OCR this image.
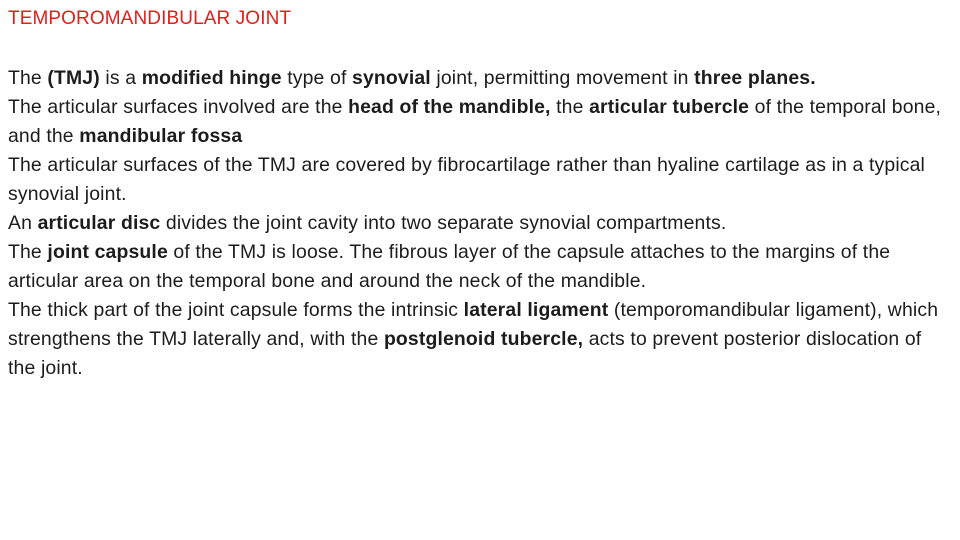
TEMPOROMANDIBULAR JOINT

The (TMJ) is a modified hinge type of synovial joint, permitting movement in three planes.

The articular surfaces involved are the head of the mandible, the articular tubercle of the temporal bone, and the mandibular fossa

The articular surfaces of the TMJ are covered by fibrocartilage rather than hyaline cartilage as in a typical synovial joint.

An articular disc divides the joint cavity into two separate synovial compartments.

The joint capsule of the TMJ is loose. The fibrous layer of the capsule attaches to the margins of the articular area on the temporal bone and around the neck of the mandible.

The thick part of the joint capsule forms the intrinsic lateral ligament (temporomandibular ligament), which strengthens the TMJ laterally and, with the postglenoid tubercle, acts to prevent posterior dislocation of the joint.
